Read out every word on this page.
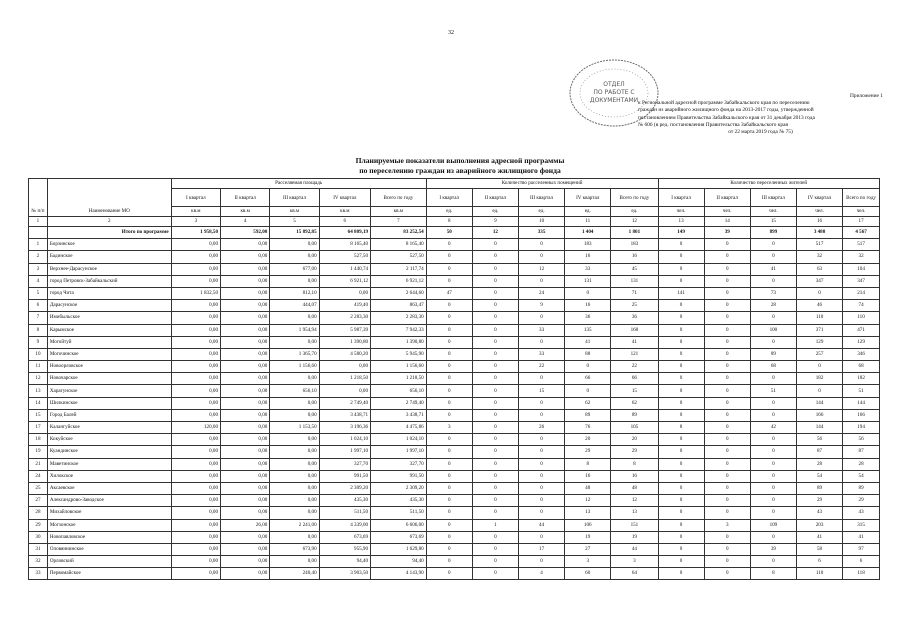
32
ОТДЕЛ
ПО РАБОТЕ С
ДОКУМЕНТАМИ
Приложение 1
к Региональной адресной программе Забайкальского края по переселению
граждан из аварийного жилищного фонда на 2013-2017 годы, утвержденной
постановлением Правительства Забайкальского края от 31 декабря 2013 года
№ 606 (в ред. постановления Правительства Забайкальского края
от 22 марта 2019 года № 75)
Планируемые показатели выполнения адресной программы
по переселению граждан из аварийного жилищного фонда
№ п/п	Наименование МО	Расселяемая площадь					Количество расселенных помещений					Количество переселенных жителей				
		I квартал	II квартал	III квартал	IV квартал	Всего по году	I квартал	II квартал	III квартал	IV квартал	Всего по году	I квартал	II квартал	III квартал	IV квартал	Всего по году
		кв.м	кв.м	кв.м	кв.м	кв.м	ед.	ед.	ед.	ед.	ед.	чел.	чел.	чел.	чел.	чел.
1	2	3	4	5	6	7	8	9	10	11	12	13	14	15	16	17
	Итого по программе	1 958,50	592,00	15 892,85	64 809,19	83 252,54	50	12	335	1 404	1 801	149	39	899	3 480	4 567
1	Борзинское	0,00	0,00	0,00	8 165,40	8 165,40	0	0	0	183	183	0	0	0	517	517
2	Бадинское	0,00	0,00	0,00	527,50	527,50	0	0	0	16	16	0	0	0	32	32
3	Верхнее-Дарасунское	0,00	0,00	677,00	1 440,74	2 117,74	0	0	12	33	45	0	0	41	63	104
4	город Петровск-Забайкальский	0,00	0,00	0,00	6 921,12	6 921,12	0	0	0	131	131	0	0	0	347	347
5	город Чита	1 832,50	0,00	812,10	0,00	2 644,60	47	0	24	0	71	141	0	73	0	214
6	Дарасунское	0,00	0,00	444,07	419,40	863,47	0	0	9	16	25	0	0	28	46	74
7	Имибыльское	0,00	0,00	0,00	2 283,30	2 283,30	0	0	0	36	36	0	0	0	110	110
8	Карымское	0,00	0,00	1 954,94	5 987,39	7 942,33	0	0	33	135	168	0	0	100	371	471
9	Могойтуй	0,00	0,00	0,00	1 390,80	1 390,80	0	0	0	41	41	0	0	0	129	129
10	Могочинское	0,00	0,00	1 365,70	4 580,20	5 945,90	0	0	33	88	121	0	0	89	257	346
11	Новоорловское	0,00	0,00	1 156,60	0,00	1 156,60	0	0	22	0	22	0	0	68	0	68
12	Новочарское	0,00	0,00	0,00	1 218,50	1 218,50	0	0	0	66	66	0	0	0	182	182
13	Харагунское	0,00	0,00	656,10	0,00	656,10	0	0	15	0	15	0	0	51	0	51
14	Шилкинское	0,00	0,00	0,00	2 749,40	2 749,40	0	0	0	62	62	0	0	0	144	144
15	Город Балей	0,00	0,00	0,00	3 438,71	3 438,71	0	0	0	89	89	0	0	0	166	166
17	Калангуйское	120,00	0,00	1 153,50	3 196,36	4 475,86	3	0	26	76	105	8	0	42	144	194
18	Кокуйское	0,00	0,00	0,00	1 024,10	1 024,10	0	0	0	20	20	0	0	0	56	56
19	Куандинское	0,00	0,00	0,00	1 997,10	1 997,10	0	0	0	29	29	0	0	0	87	87
21	Маветинское	0,00	0,00	0,00	327,70	327,70	0	0	0	8	8	0	0	0	28	28
24	Хилокское	0,00	0,00	0,00	991,50	991,50	0	0	0	16	16	0	0	0	54	54
25	Аксаевское	0,00	0,00	0,00	2 309,20	2 309,20	0	0	0	48	48	0	0	0	89	89
27	Александрово-Заводское	0,00	0,00	0,00	435,30	435,30	0	0	0	12	12	0	0	0	29	29
28	Михайловское	0,00	0,00	0,00	511,50	511,50	0	0	0	13	13	0	0	0	43	43
29	Могзонское	0,00	26,00	2 241,00	4 339,00	6 606,00	0	1	44	106	151	0	3	109	203	315
30	Новопавловское	0,00	0,00	0,00	673,69	673,69	0	0	0	19	19	0	0	0	41	41
31	Оловяннинское	0,00	0,00	673,90	955,90	1 629,80	0	0	17	27	44	0	0	39	58	97
32	Орловский	0,00	0,00	0,00	94,40	94,40	0	0	0	3	3	0	0	0	6	6
33	Первомайское	0,00	0,00	240,40	3 903,50	4 143,90	0	0	4	60	64	0	0	8	110	118
